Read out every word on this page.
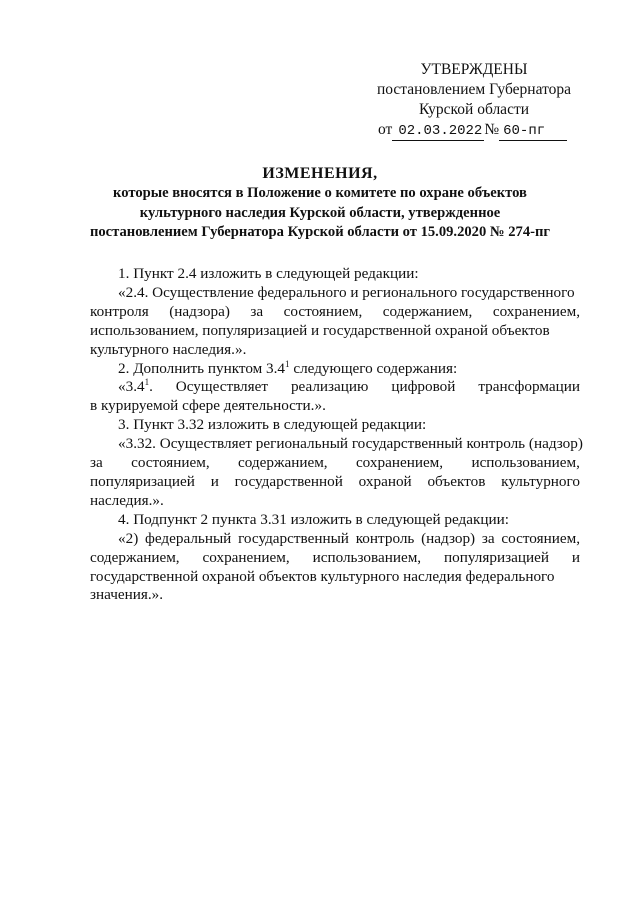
УТВЕРЖДЕНЫ
постановлением Губернатора
Курской области
от 02.03.2022 № 60-пг
ИЗМЕНЕНИЯ,
которые вносятся в Положение о комитете по охране объектов
культурного наследия Курской области, утвержденное
постановлением Губернатора Курской области от 15.09.2020 № 274-пг

1. Пункт 2.4 изложить в следующей редакции:

«2.4. Осуществление федерального и регионального государственного
контроля (надзора) за состоянием, содержанием, сохранением,
использованием, популяризацией и государственной охраной объектов
культурного наследия.».

2. Дополнить пунктом $3.4^1$ следующего содержания:

«$3.4^1$. Осуществляет реализацию цифровой трансформации
в курируемой сфере деятельности.».

3. Пункт 3.32 изложить в следующей редакции:

«3.32. Осуществляет региональный государственный контроль (надзор)
за состоянием, содержанием, сохранением, использованием,
популяризацией и государственной охраной объектов культурного
наследия.».

4. Подпункт 2 пункта 3.31 изложить в следующей редакции:

«2) федеральный государственный контроль (надзор) за состоянием,
содержанием, сохранением, использованием, популяризацией и
государственной охраной объектов культурного наследия федерального
значения.».
